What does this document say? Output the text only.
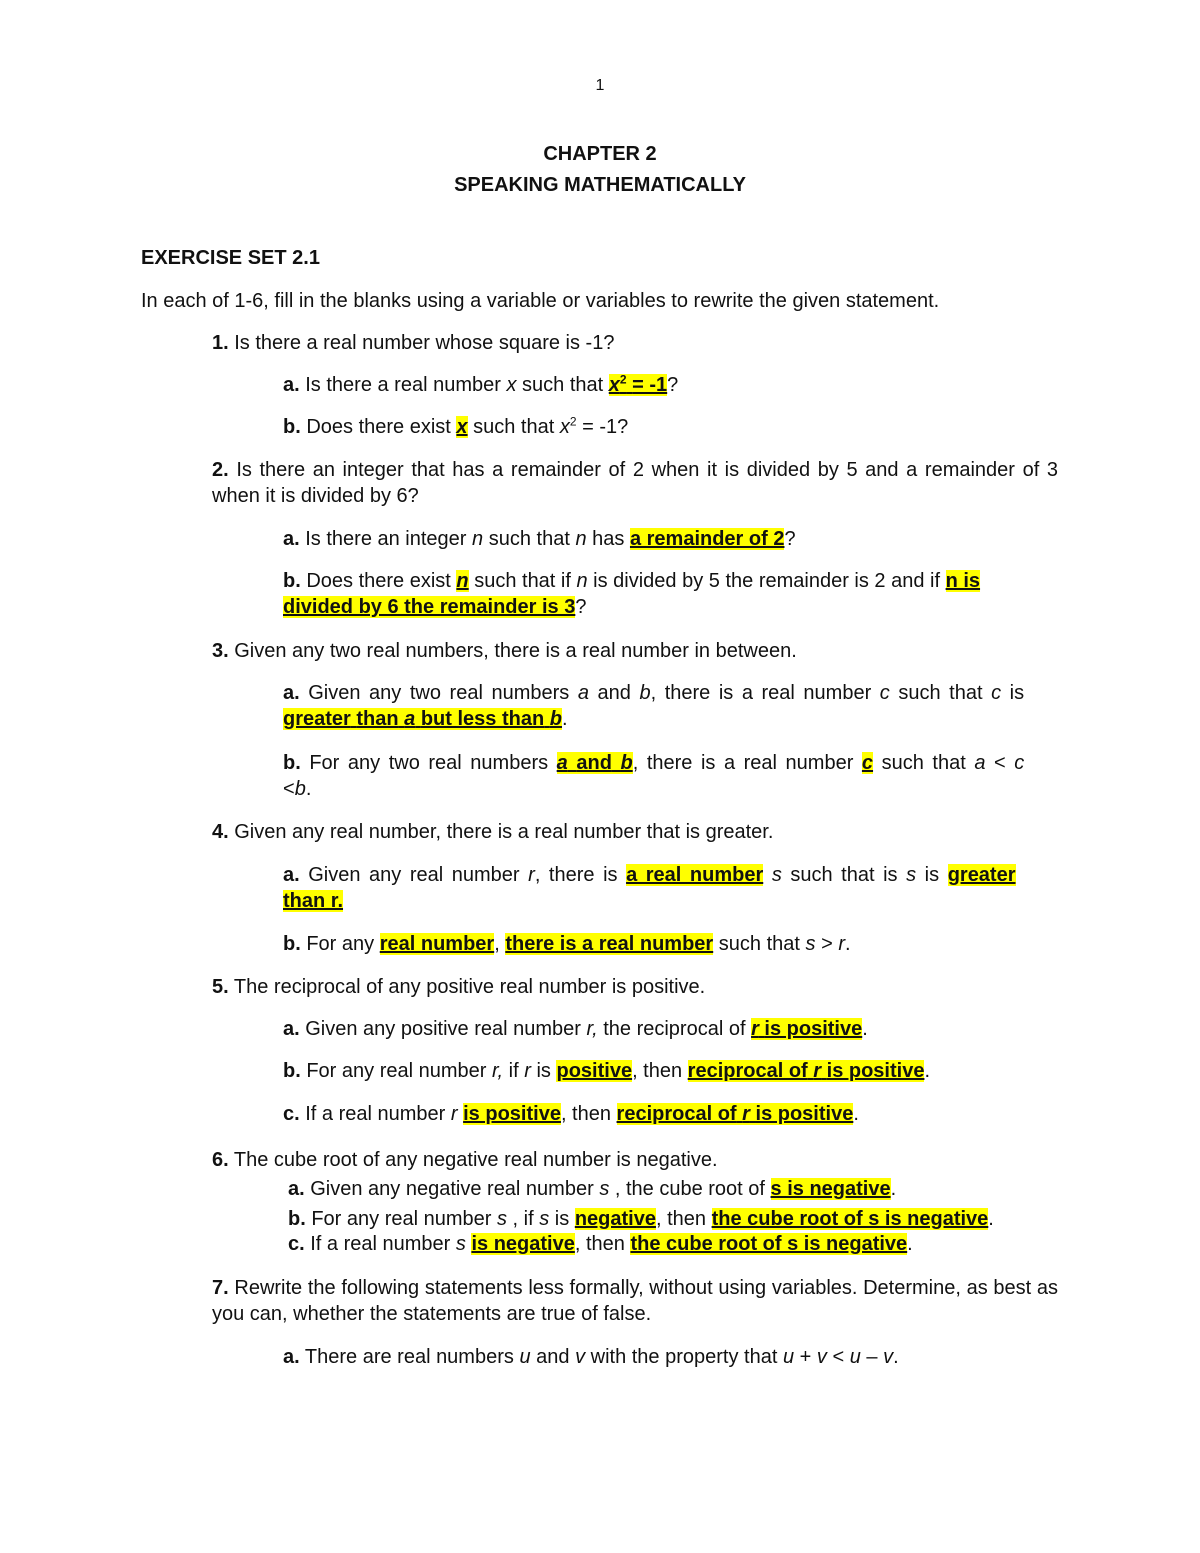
1
CHAPTER 2
SPEAKING MATHEMATICALLY
EXERCISE SET 2.1
In each of 1-6, fill in the blanks using a variable or variables to rewrite the given statement.
1. Is there a real number whose square is -1?
a. Is there a real number x such that $x^2 = -1$?
b. Does there exist x such that $x^2 = -1$?
2. Is there an integer that has a remainder of 2 when it is divided by 5 and a remainder of 3 when it is divided by 6?
a. Is there an integer n such that n has a remainder of 2?
b. Does there exist n such that if n is divided by 5 the remainder is 2 and if n is
divided by 6 the remainder is 3?
3. Given any two real numbers, there is a real number in between.
a. Given any two real numbers a and b, there is a real number c such that c is
greater than a but less than b.
b. For any two real numbers a and b, there is a real number c such that a < c
<b.
4. Given any real number, there is a real number that is greater.
a. Given any real number r, there is a real number s such that is s is greater
than r.
b. For any real number, there is a real number such that s > r.
5. The reciprocal of any positive real number is positive.
a. Given any positive real number r, the reciprocal of r is positive.
b. For any real number r, if r is positive, then reciprocal of r is positive.
c. If a real number r is positive, then reciprocal of r is positive.
6. The cube root of any negative real number is negative.
a. Given any negative real number s , the cube root of s is negative.
b. For any real number s , if s is negative, then the cube root of s is negative.
c. If a real number s is negative, then the cube root of s is negative.
7. Rewrite the following statements less formally, without using variables. Determine, as best as you can, whether the statements are true of false.
a. There are real numbers u and v with the property that u + v < u – v.
